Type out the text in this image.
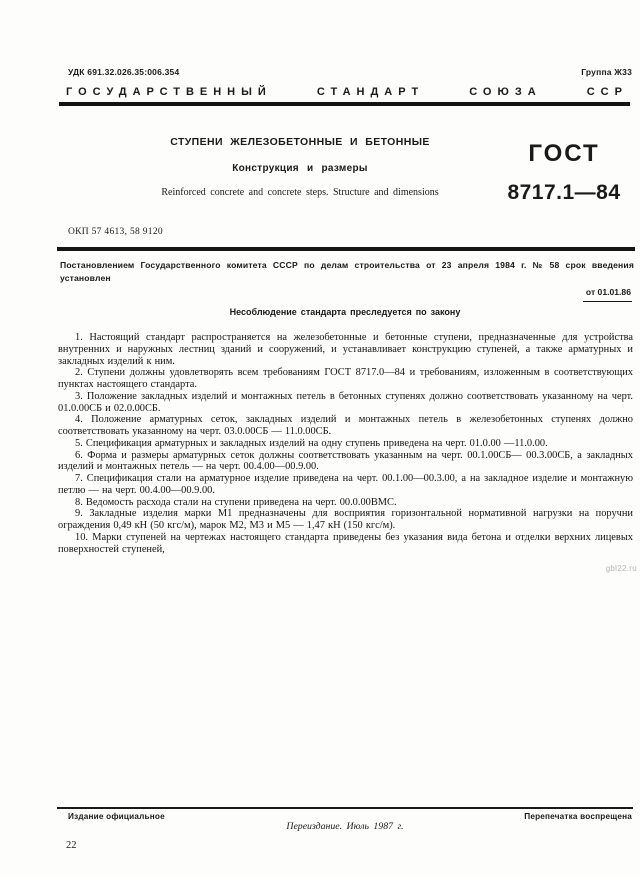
УДК 691.32.026.35:006.354	Группа Ж33
ГОСУДАРСТВЕННЫЙ	СТАНДАРТ	СОЮЗА	ССР
СТУПЕНИ ЖЕЛЕЗОБЕТОННЫЕ И БЕТОННЫЕ
Конструкция и размеры
Reinforced concrete and concrete steps. Structure and dimensions
ГОСТ
8717.1—84
ОКП 57 4613, 58 9120
Постановлением Государственного комитета СССР по делам строительства от 23 апреля 1984 г. № 58 срок введения установлен
от 01.01.86
Несоблюдение стандарта преследуется по закону

1. Настоящий стандарт распространяется на железобетонные и бетонные ступени, предназначенные для устройства внутренних и наружных лестниц зданий и сооружений, и устанавливает конструкцию ступеней, а также арматурных и закладных изделий к ним.

2. Ступени должны удовлетворять всем требованиям ГОСТ 8717.0—84 и требованиям, изложенным в соответствующих пунктах настоящего стандарта.

3. Положение закладных изделий и монтажных петель в бетонных ступенях должно соответствовать указанному на черт. 01.0.00СБ и 02.0.00СБ.

4. Положение арматурных сеток, закладных изделий и монтажных петель в железобетонных ступенях должно соответствовать указанному на черт. 03.0.00СБ — 11.0.00СБ.

5. Спецификация арматурных и закладных изделий на одну ступень приведена на черт. 01.0.00 —11.0.00.

6. Форма и размеры арматурных сеток должны соответствовать указанным на черт. 00.1.00СБ— 00.3.00СБ, а закладных изделий и монтажных петель — на черт. 00.4.00—00.9.00.

7. Спецификация стали на арматурное изделие приведена на черт. 00.1.00—00.3.00, а на закладное изделие и монтажную петлю — на черт. 00.4.00—00.9.00.

8. Ведомость расхода стали на ступени приведена на черт. 00.0.00ВМС.

9. Закладные изделия марки М1 предназначены для восприятия горизонтальной нормативной нагрузки на поручни ограждения 0,49 кН (50 кгс/м), марок М2, М3 и М5 — 1,47 кН (150 кгс/м).

10. Марки ступеней на чертежах настоящего стандарта приведены без указания вида бетона и отделки верхних лицевых поверхностей ступеней,

gbl22.ru
Издание официальное	Перепечатка воспрещена
Переиздание. Июль 1987 г.
22
